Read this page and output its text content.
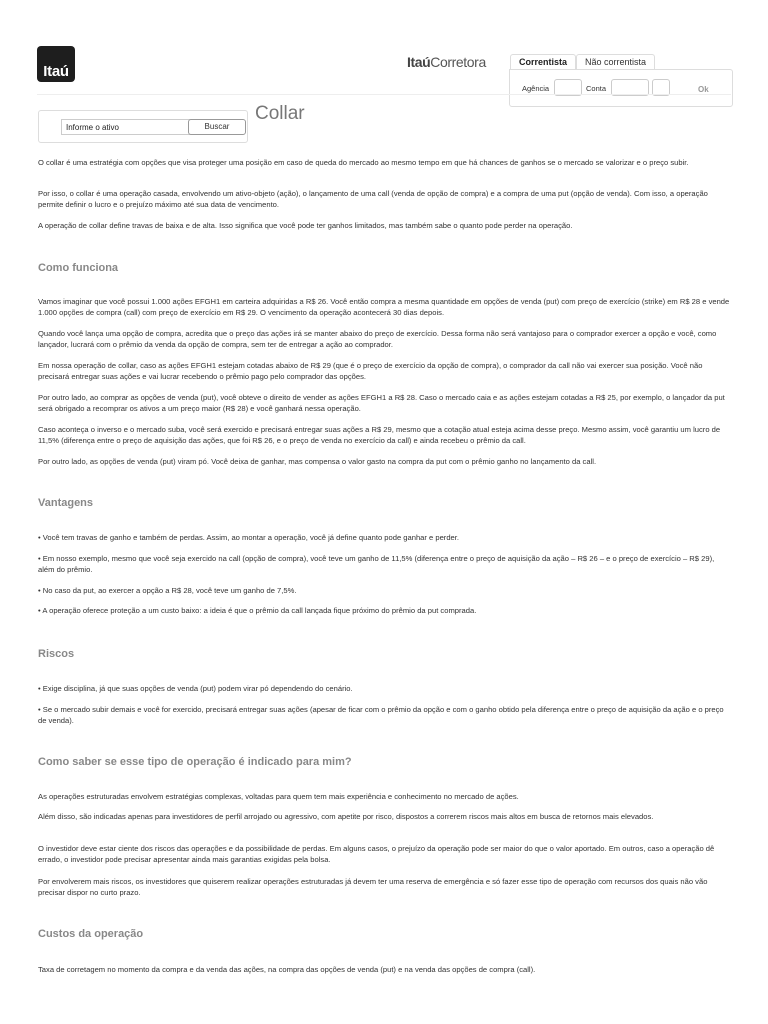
Itaú
ItaúCorretora	Correntista	Não correntista
Agência	Conta	Ok
Informe o ativo	Buscar
Collar

O collar é uma estratégia com opções que visa proteger uma posição em caso de queda do mercado ao mesmo tempo em que há chances de ganhos se o mercado se valorizar e o preço subir.

Por isso, o collar é uma operação casada, envolvendo um ativo-objeto (ação), o lançamento de uma call (venda de opção de compra) e a compra de uma put (opção de venda). Com isso, a operação permite definir o lucro e o prejuízo máximo até sua data de vencimento.

A operação de collar define travas de baixa e de alta. Isso significa que você pode ter ganhos limitados, mas também sabe o quanto pode perder na operação.

Como funciona

Vamos imaginar que você possui 1.000 ações EFGH1 em carteira adquiridas a R$ 26. Você então compra a mesma quantidade em opções de venda (put) com preço de exercício (strike) em R$ 28 e vende 1.000 opções de compra (call) com preço de exercício em R$ 29. O vencimento da operação acontecerá 30 dias depois.

Quando você lança uma opção de compra, acredita que o preço das ações irá se manter abaixo do preço de exercício. Dessa forma não será vantajoso para o comprador exercer a opção e você, como lançador, lucrará com o prêmio da venda da opção de compra, sem ter de entregar a ação ao comprador.

Em nossa operação de collar, caso as ações EFGH1 estejam cotadas abaixo de R$ 29 (que é o preço de exercício da opção de compra), o comprador da call não vai exercer sua posição. Você não precisará entregar suas ações e vai lucrar recebendo o prêmio pago pelo comprador das opções.

Por outro lado, ao comprar as opções de venda (put), você obteve o direito de vender as ações EFGH1 a R$ 28. Caso o mercado caia e as ações estejam cotadas a R$ 25, por exemplo, o lançador da put será obrigado a recomprar os ativos a um preço maior (R$ 28) e você ganhará nessa operação.

Caso aconteça o inverso e o mercado suba, você será exercido e precisará entregar suas ações a R$ 29, mesmo que a cotação atual esteja acima desse preço. Mesmo assim, você garantiu um lucro de 11,5% (diferença entre o preço de aquisição das ações, que foi R$ 26, e o preço de venda no exercício da call) e ainda recebeu o prêmio da call.

Por outro lado, as opções de venda (put) viram pó. Você deixa de ganhar, mas compensa o valor gasto na compra da put com o prêmio ganho no lançamento da call.

Vantagens
• Você tem travas de ganho e também de perdas. Assim, ao montar a operação, você já define quanto pode ganhar e perder.
• Em nosso exemplo, mesmo que você seja exercido na call (opção de compra), você teve um ganho de 11,5% (diferença entre o preço de aquisição da ação – R$ 26 – e o preço de exercício – R$ 29), além do prêmio.
• No caso da put, ao exercer a opção a R$ 28, você teve um ganho de 7,5%.
• A operação oferece proteção a um custo baixo: a ideia é que o prêmio da call lançada fique próximo do prêmio da put comprada.
Riscos
• Exige disciplina, já que suas opções de venda (put) podem virar pó dependendo do cenário.
• Se o mercado subir demais e você for exercido, precisará entregar suas ações (apesar de ficar com o prêmio da opção e com o ganho obtido pela diferença entre o preço de aquisição da ação e o preço de venda).
Como saber se esse tipo de operação é indicado para mim?

As operações estruturadas envolvem estratégias complexas, voltadas para quem tem mais experiência e conhecimento no mercado de ações.

Além disso, são indicadas apenas para investidores de perfil arrojado ou agressivo, com apetite por risco, dispostos a correrem riscos mais altos em busca de retornos mais elevados.

O investidor deve estar ciente dos riscos das operações e da possibilidade de perdas. Em alguns casos, o prejuízo da operação pode ser maior do que o valor aportado. Em outros, caso a operação dê errado, o investidor pode precisar apresentar ainda mais garantias exigidas pela bolsa.

Por envolverem mais riscos, os investidores que quiserem realizar operações estruturadas já devem ter uma reserva de emergência e só fazer esse tipo de operação com recursos dos quais não vão precisar dispor no curto prazo.

Custos da operação

Taxa de corretagem no momento da compra e da venda das ações, na compra das opções de venda (put) e na venda das opções de compra (call).
